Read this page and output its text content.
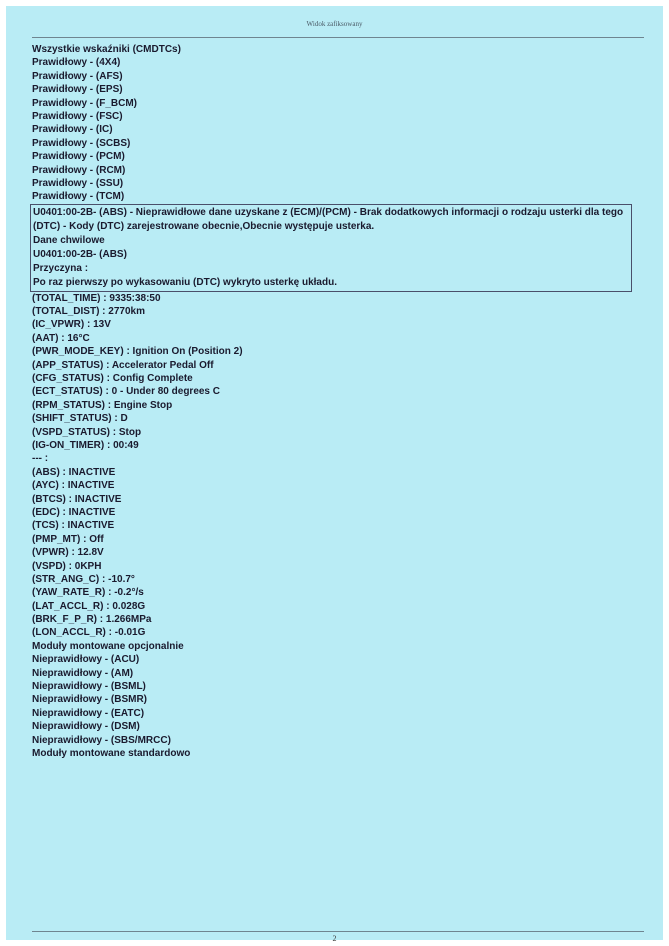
Widok zafiksowany
Wszystkie wskaźniki (CMDTCs)
Prawidłowy - (4X4)
Prawidłowy - (AFS)
Prawidłowy - (EPS)
Prawidłowy - (F_BCM)
Prawidłowy - (FSC)
Prawidłowy - (IC)
Prawidłowy - (SCBS)
Prawidłowy - (PCM)
Prawidłowy - (RCM)
Prawidłowy - (SSU)
Prawidłowy - (TCM)
U0401:00-2B- (ABS) - Nieprawidłowe dane uzyskane z (ECM)/(PCM) - Brak dodatkowych informacji o rodzaju usterki dla tego (DTC) - Kody (DTC) zarejestrowane obecnie,Obecnie występuje usterka.
Dane chwilowe
U0401:00-2B- (ABS)
Przyczyna :
Po raz pierwszy po wykasowaniu (DTC) wykryto usterkę układu.
(TOTAL_TIME) : 9335:38:50
(TOTAL_DIST) : 2770km
(IC_VPWR) : 13V
(AAT) : 16°C
(PWR_MODE_KEY) : Ignition On (Position 2)
(APP_STATUS) : Accelerator Pedal Off
(CFG_STATUS) : Config Complete
(ECT_STATUS) : 0 - Under 80 degrees C
(RPM_STATUS) : Engine Stop
(SHIFT_STATUS) : D
(VSPD_STATUS) : Stop
(IG-ON_TIMER) : 00:49
--- :
(ABS) : INACTIVE
(AYC) : INACTIVE
(BTCS) : INACTIVE
(EDC) : INACTIVE
(TCS) : INACTIVE
(PMP_MT) : Off
(VPWR) : 12.8V
(VSPD) : 0KPH
(STR_ANG_C) : -10.7°
(YAW_RATE_R) : -0.2°/s
(LAT_ACCL_R) : 0.028G
(BRK_F_P_R) : 1.266MPa
(LON_ACCL_R) : -0.01G
Moduły montowane opcjonalnie
Nieprawidłowy - (ACU)
Nieprawidłowy - (AM)
Nieprawidłowy - (BSML)
Nieprawidłowy - (BSMR)
Nieprawidłowy - (EATC)
Nieprawidłowy - (DSM)
Nieprawidłowy - (SBS/MRCC)
Moduły montowane standardowo
2
